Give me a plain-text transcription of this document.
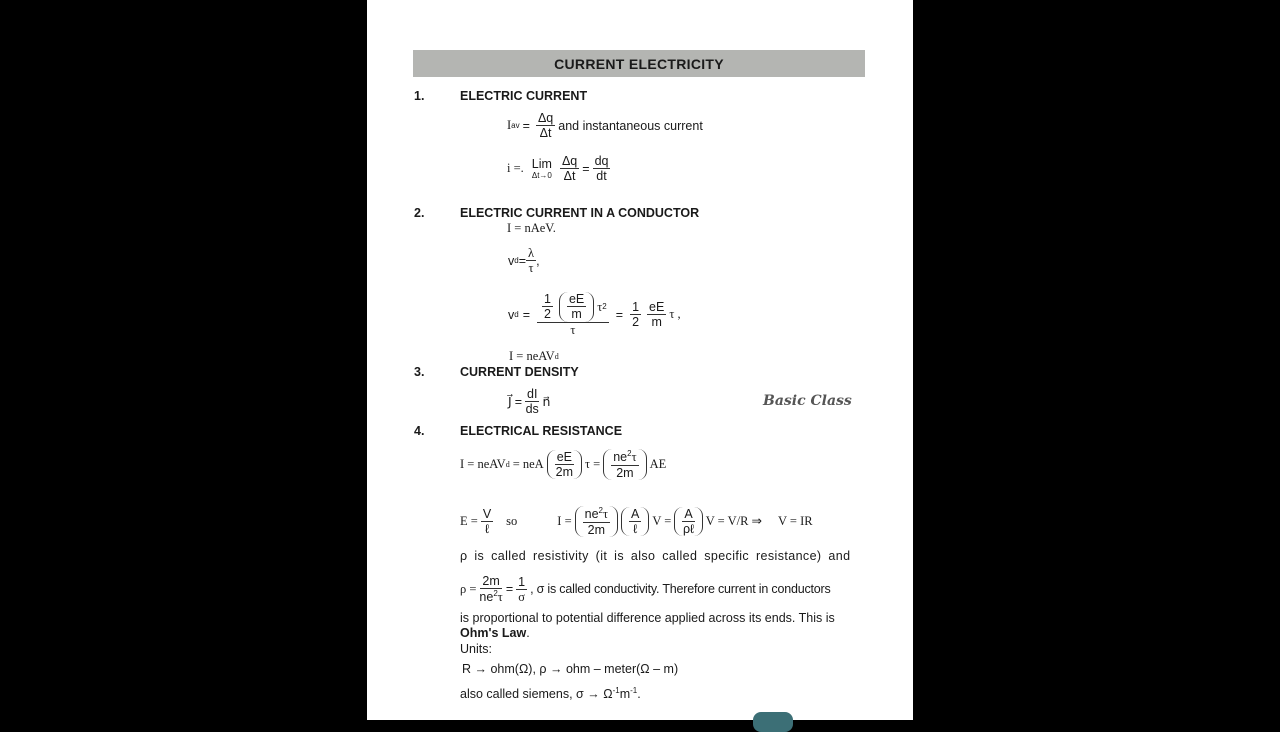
CURRENT ELECTRICITY
1.	ELECTRIC CURRENT
I av = $\frac{\Delta q}{\Delta t}$ and instantaneous current
i =. Lim
$\Delta t\to 0 \frac{\Delta q}{\Delta t} = \frac{dq}{dt}$
2.	ELECTRIC CURRENT IN A CONDUCTOR
I = nAeV.
v $d = \frac{\lambda}{\tau}$ ,
v $d = \frac{\frac{1}{2} \frac{eE}{m} \tau 2}{\tau} = \frac{1}{2} \frac{eE}{m}$ τ ,
I = neAV d
3.	CURRENT DENSITY
J⃗ = $\frac{dI}{ds}$ n⃗	Basic Class
4.	ELECTRICAL RESISTANCE
I = neAV d = neA $\frac{eE}{2m}$ $\tau = \frac{ne^2\tau}{2m}$ AE
$E = \frac{V}{\text{ℓ}}$ so	$I = \frac{ne^2\tau}{2m} \frac{A}{\text{ℓ}}$ $V = \frac{A}{\text{ρℓ}}$ V = V/R ⇒ V = IR
ρ is called resistivity (it is also called specific resistance) and
$\rho = \frac{2m}{ne^2\tau} = \frac{1}{\sigma}$ , σ is called conductivity. Therefore current in conductors
is proportional to potential difference applied across its ends. This is
Ohm's Law.
Units:
R → ohm(Ω), ρ → ohm – meter(Ω – m)
also called siemens, $\sigma \to \Omega^{-1}m^{-1}$.
